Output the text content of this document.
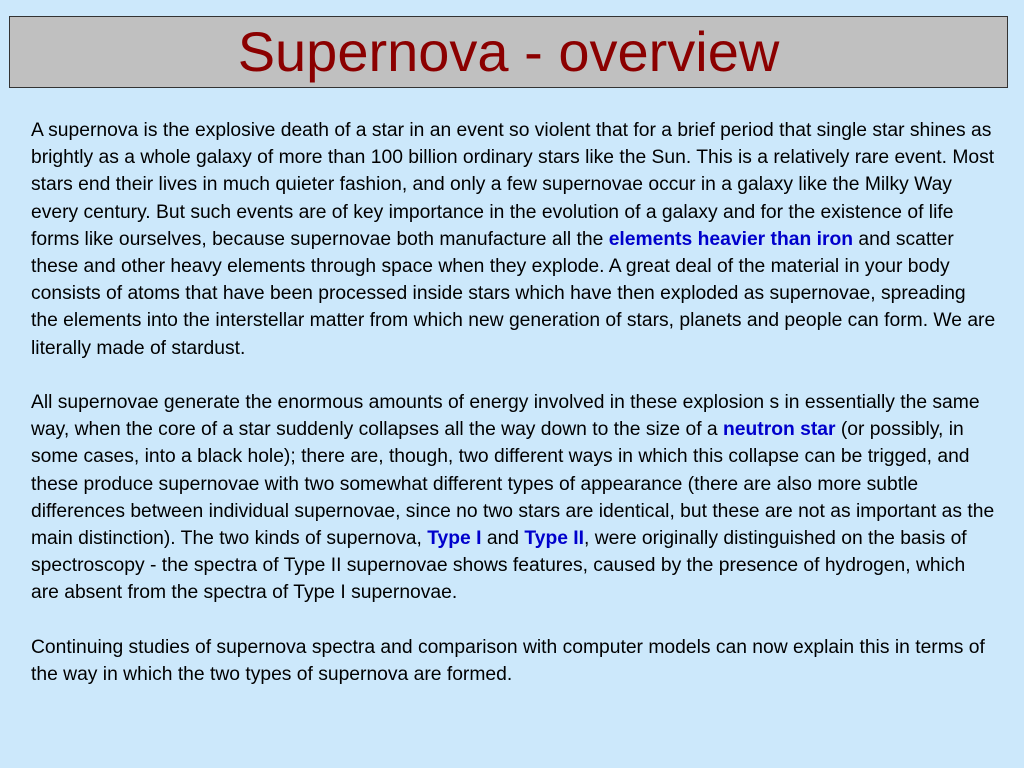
Supernova - overview

A supernova is the explosive death of a star in an event so violent that for a brief period that single star shines as brightly as a whole galaxy of more than 100 billion ordinary stars like the Sun. This is a relatively rare event. Most stars end their lives in much quieter fashion, and only a few supernovae occur in a galaxy like the Milky Way every century. But such events are of key importance in the evolution of a galaxy and for the existence of life forms like ourselves, because supernovae both manufacture all the elements heavier than iron and scatter these and other heavy elements through space when they explode. A great deal of the material in your body consists of atoms that have been processed inside stars which have then exploded as supernovae, spreading the elements into the interstellar matter from which new generation of stars, planets and people can form. We are literally made of stardust.

All supernovae generate the enormous amounts of energy involved in these explosion s in essentially the same way, when the core of a star suddenly collapses all the way down to the size of a neutron star (or possibly, in some cases, into a black hole); there are, though, two different ways in which this collapse can be trigged, and these produce supernovae with two somewhat different types of appearance (there are also more subtle differences between individual supernovae, since no two stars are identical, but these are not as important as the main distinction). The two kinds of supernova, Type I and Type II, were originally distinguished on the basis of spectroscopy - the spectra of Type II supernovae shows features, caused by the presence of hydrogen, which are absent from the spectra of Type I supernovae.

Continuing studies of supernova spectra and comparison with computer models can now explain this in terms of the way in which the two types of supernova are formed.
